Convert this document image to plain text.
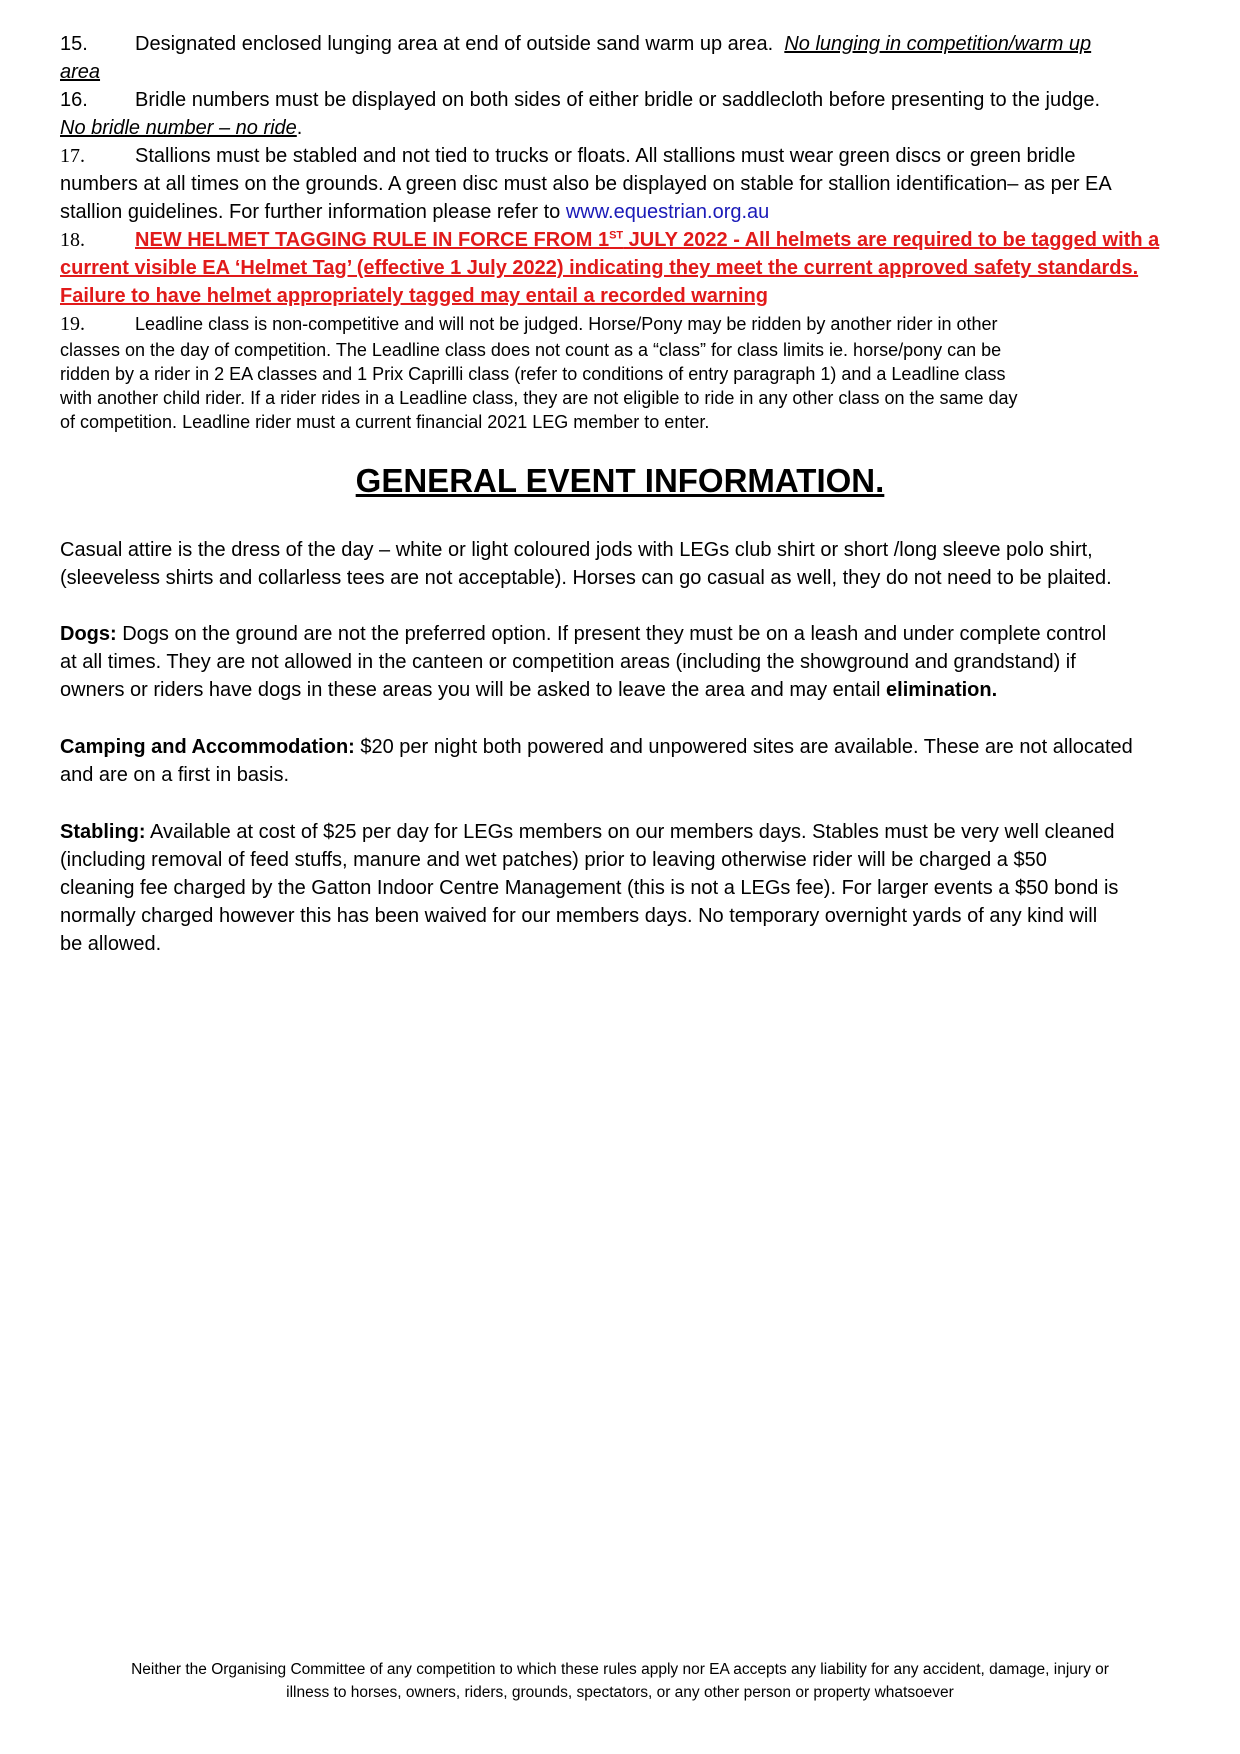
15. Designated enclosed lunging area at end of outside sand warm up area. No lunging in competition/warm up

area

16. Bridle numbers must be displayed on both sides of either bridle or saddlecloth before presenting to the judge.

No bridle number – no ride.

17.	Stallions must be stabled and not tied to trucks or floats. All stallions must wear green discs or green bridle

numbers at all times on the grounds. A green disc must also be displayed on stable for stallion identification– as per EA

stallion guidelines. For further information please refer to www.equestrian.org.au

18.	NEW HELMET TAGGING RULE IN FORCE FROM 1ST JULY 2022 - All helmets are required to be tagged with a

current visible EA ‘Helmet Tag’ (effective 1 July 2022) indicating they meet the current approved safety standards.

Failure to have helmet appropriately tagged may entail a recorded warning

19.	Leadline class is non-competitive and will not be judged. Horse/Pony may be ridden by another rider in other

classes on the day of competition. The Leadline class does not count as a “class” for class limits ie. horse/pony can be

ridden by a rider in 2 EA classes and 1 Prix Caprilli class (refer to conditions of entry paragraph 1) and a Leadline class

with another child rider. If a rider rides in a Leadline class, they are not eligible to ride in any other class on the same day

of competition. Leadline rider must a current financial 2021 LEG member to enter.

GENERAL EVENT INFORMATION.
Casual attire is the dress of the day – white or light coloured jods with LEGs club shirt or short /long sleeve polo shirt,
(sleeveless shirts and collarless tees are not acceptable). Horses can go casual as well, they do not need to be plaited.
Dogs: Dogs on the ground are not the preferred option. If present they must be on a leash and under complete control
at all times. They are not allowed in the canteen or competition areas (including the showground and grandstand) if
owners or riders have dogs in these areas you will be asked to leave the area and may entail elimination.
Camping and Accommodation: $20 per night both powered and unpowered sites are available. These are not allocated
and are on a first in basis.
Stabling: Available at cost of $25 per day for LEGs members on our members days. Stables must be very well cleaned
(including removal of feed stuffs, manure and wet patches) prior to leaving otherwise rider will be charged a $50
cleaning fee charged by the Gatton Indoor Centre Management (this is not a LEGs fee). For larger events a $50 bond is
normally charged however this has been waived for our members days. No temporary overnight yards of any kind will
be allowed.
Neither the Organising Committee of any competition to which these rules apply nor EA accepts any liability for any accident, damage, injury or
illness to horses, owners, riders, grounds, spectators, or any other person or property whatsoever
